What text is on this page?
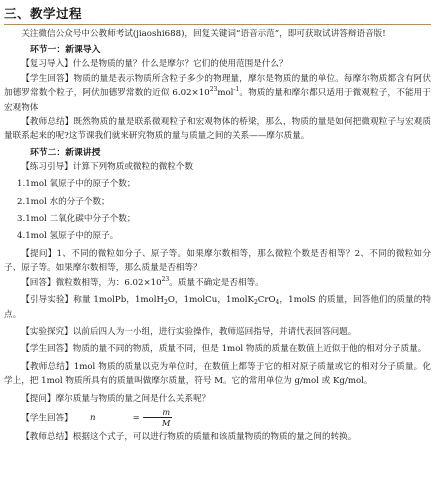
三、教学过程

关注微信公众号中公教师考试(jiaoshi688)，回复关键词“语音示范”，即可获取试讲答辩语音版!

环节一：新课导入

【复习导入】什么是物质的量？什么是摩尔？它们的使用范围是什么？

【学生回答】物质的量是表示物质所含粒子多少的物理量，摩尔是物质的量的单位。每摩尔物质都含有阿伏加德罗常数个粒子，阿伏加德罗常数的近似 $6.02\times 10^{23}mol^{-1}$。物质的量和摩尔都只适用于微观粒子，不能用于宏观物体

【教师总结】既然物质的量是联系微观粒子和宏观物体的桥梁，那么，物质的量是如何把微观粒子与宏观质量联系起来的呢?这节课我们就来研究物质的量与质量之间的关系——摩尔质量。

环节二：新课讲授

【练习引导】计算下列物质或微粒的微粒个数

1.1mol 氧原子中的原子个数；

2.1mol 水的分子个数；

3.1mol 二氧化碳中分子个数；

4.1mol 氢原子中的原子。

【提问】1、不同的微粒如分子、原子等。如果摩尔数相等，那么微粒个数是否相等？2、不同的微粒如分子、原子等。如果摩尔数相等，那么质量是否相等？

【回答】微粒数相等，为：$6.02\times 10^{23}$。质量不确定是否相等。

【引导实验】称量 1molPb，1molH$_2$O，1molCu，1molK$_2$CrO$_4$，1molS 的质量，回答他们的质量的特点。

【实验探究】以前后四人为一小组，进行实验操作，教师巡回指导，并请代表回答问题。

【学生回答】物质的量不同的物质，质量不同，但是 1mol 物质的质量在数值上近似于他的相对分子质量。

【教师总结】1mol 物质的质量以克为单位时，在数值上都等于它的相对原子质量或它的相对分子质量。化学上，把 1mol 物质所具有的质量叫做摩尔质量，符号 M。它的常用单位为 g/mol 或 Kg/mol。

【提问】摩尔质量与物质的量之间是什么关系呢？

【学生回答】	n
	= $\frac{m}{M}$

【教师总结】根据这个式子，可以进行物质的质量和该质量物质的物质的量之间的转换。
